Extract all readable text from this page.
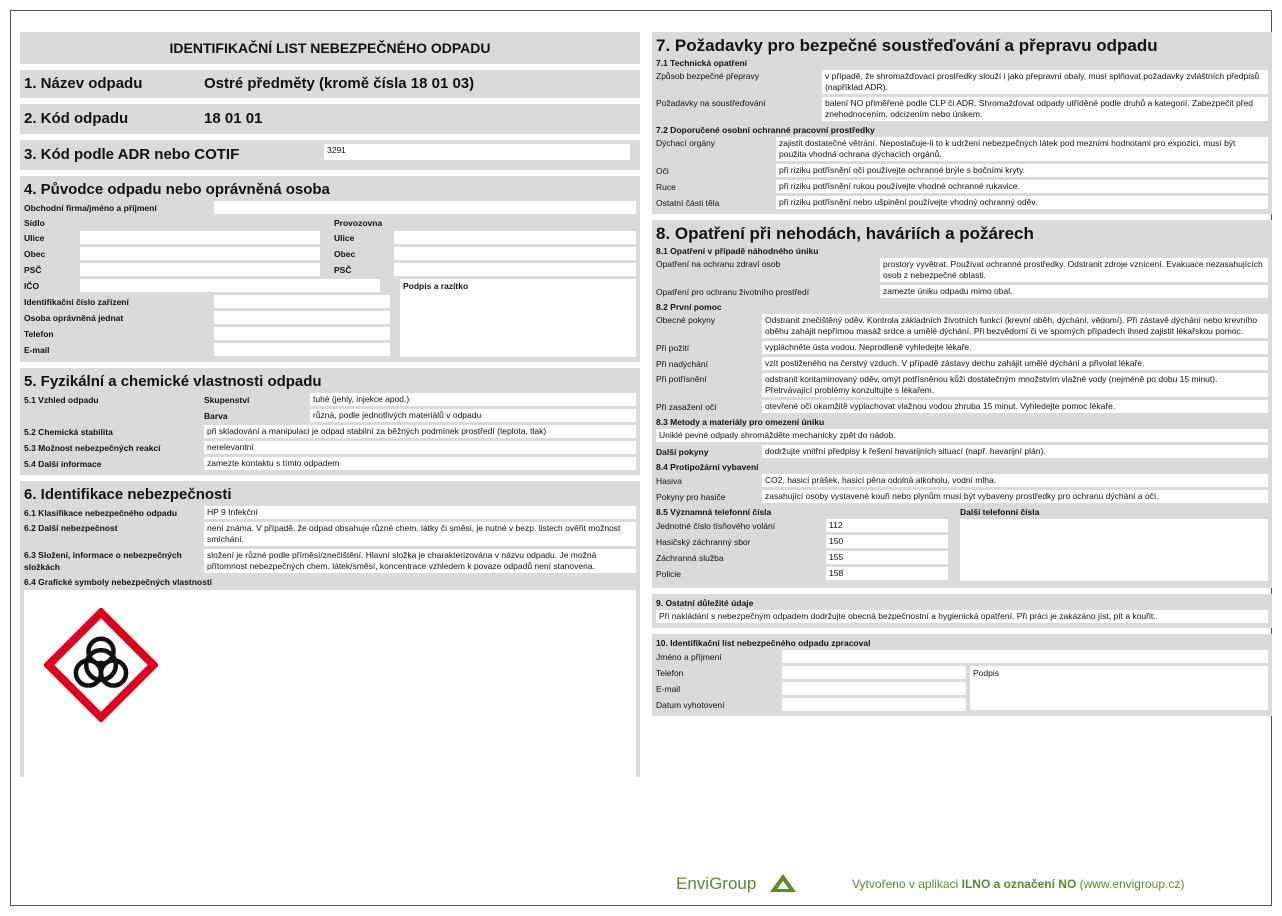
IDENTIFIKAČNÍ LIST NEBEZPEČNÉHO ODPADU
1. Název odpadu	Ostré předměty (kromě čísla 18 01 03)
2. Kód odpadu	18 01 01
3. Kód podle ADR nebo COTIF	3291
4. Původce odpadu nebo oprávněná osoba
Obchodní firma/jméno a příjmení
Sídlo	Provozovna
Ulice
Obec
PSČ
Ulice
Obec
PSČ
IČO
Identifikační číslo zařízení
Osoba oprávněná jednat
Telefon
E-mail
Podpis a razítko
5. Fyzikální a chemické vlastnosti odpadu
5.1 Vzhled odpadu	Skupenství	tuhé (jehly, injekce apod.)
Barva	různá, podle jednotlivých materiálů v odpadu
5.2 Chemická stabilita	při skladování a manipulaci je odpad stabilní za běžných podmínek prostředí (teplota, tlak)
5.3 Možnost nebezpečných reakcí	nerelevantní
5.4 Další informace	zamezte kontaktu s tímto odpadem
6. Identifikace nebezpečnosti
6.1 Klasifikace nebezpečného odpadu	HP 9 Infekční
6.2 Další nebezpečnost	není známa. V případě, že odpad obsahuje různé chem. látky či směsi, je nutné v bezp. listech ověřit možnost smíchání.
6.3 Složení, informace o nebezpečných složkách
složení je různé podle příměsí/znečištění. Hlavní složka je charakterizována v názvu odpadu. Je možná přítomnost nebezpečných chem. látek/směsí, koncentrace vzhledem k povaze odpadů není stanovena.
6.4 Grafické symboly nebezpečných vlastností
7. Požadavky pro bezpečné soustřeďování a přepravu odpadu
7.1 Technická opatření
Způsob bezpečné přepravy	v případě, že shromažďovací prostředky slouží i jako přepravní obaly, musí splňovat požadavky zvláštních předpisů (například ADR).
Požadavky na soustřeďování	balení NO přiměřené podle CLP či ADR. Shromažďovat odpady utříděné podle druhů a kategorií. Zabezpečit před znehodnocením, odcizením nebo únikem.
7.2 Doporučené osobní ochranné pracovní prostředky
Dýchací orgány	zajistit dostatečné větrání. Nepostačuje-li to k udržení nebezpečných látek pod mezními hodnotami pro expozici, musí být použita vhodná ochrana dýchacích orgánů.
Oči	při riziku potřísnění očí používejte ochranné brýle s bočními kryty.
Ruce	při riziku potřísnění rukou používejte vhodné ochranné rukavice.
Ostatní části těla	při riziku potřísnění nebo ušpinění používejte vhodný ochranný oděv.
8. Opatření při nehodách, haváriích a požárech
8.1 Opatření v případě náhodného úniku
Opatření na ochranu zdraví osob	prostory vyvětrat. Používat ochranné prostředky. Odstranit zdroje vznícení. Evakuace nezasahujících osob z nebezpečné oblasti.
Opatření pro ochranu životního prostředí	zamezte úniku odpadu mimo obal.
8.2 První pomoc
Obecné pokyny	Odstranit znečištěný oděv. Kontrola základních životních funkcí (krevní oběh, dýchání, vědomí). Při zástavě dýchání nebo krevního oběhu zahájit nepřímou masáž srdce a umělé dýchání. Při bezvědomí či ve sporných případech ihned zajistit lékařskou pomoc.
Při požití	vypláchněte ústa vodou. Neprodleně vyhledejte lékaře.
Při nadýchání	vzít postiženého na čerstvý vzduch. V případě zástavy dechu zahájit umělé dýchání a přivolat lékaře.
Při potřísnění	odstranit kontaminovaný oděv, omýt potřísněnou kůži dostatečným množstvím vlažné vody (nejméně po dobu 15 minut). Přetrvávající problémy konzultujte s lékařem.
Při zasažení očí	otevřené oči okamžitě vyplachovat vlažnou vodou zhruba 15 minut. Vyhledejte pomoc lékaře.
8.3 Metody a materiály pro omezení úniku
Uniklé pevné odpady shromážděte mechanicky zpět do nádob.
Další pokyny	dodržujte vnitřní předpisy k řešení havarijních situací (např. havarijní plán).
8.4 Protipožární vybavení
Hasiva	CO2, hasicí prášek, hasicí pěna odolná alkoholu, vodní mlha.
Pokyny pro hasiče	zasahující osoby vystavené kouři nebo plynům musí být vybaveny prostředky pro ochranu dýchání a očí.
8.5 Významná telefonní čísla
Jednotné číslo tísňového volání	112
Hasičský záchranný sbor	150
Záchranná služba	155
Policie	158
Další telefonní čísla
9. Ostatní důležité údaje
Při nakládání s nebezpečným odpadem dodržujte obecná bezpečnostní a hygienická opatření. Při práci je zakázáno jíst, pít a kouřit.
10. Identifikační list nebezpečného odpadu zpracoval
Jméno a příjmení
Telefon
E-mail
Datum vyhotovení
Podpis
EnviGroup	Vytvořeno v aplikaci ILNO a označení NO (www.envigroup.cz)
